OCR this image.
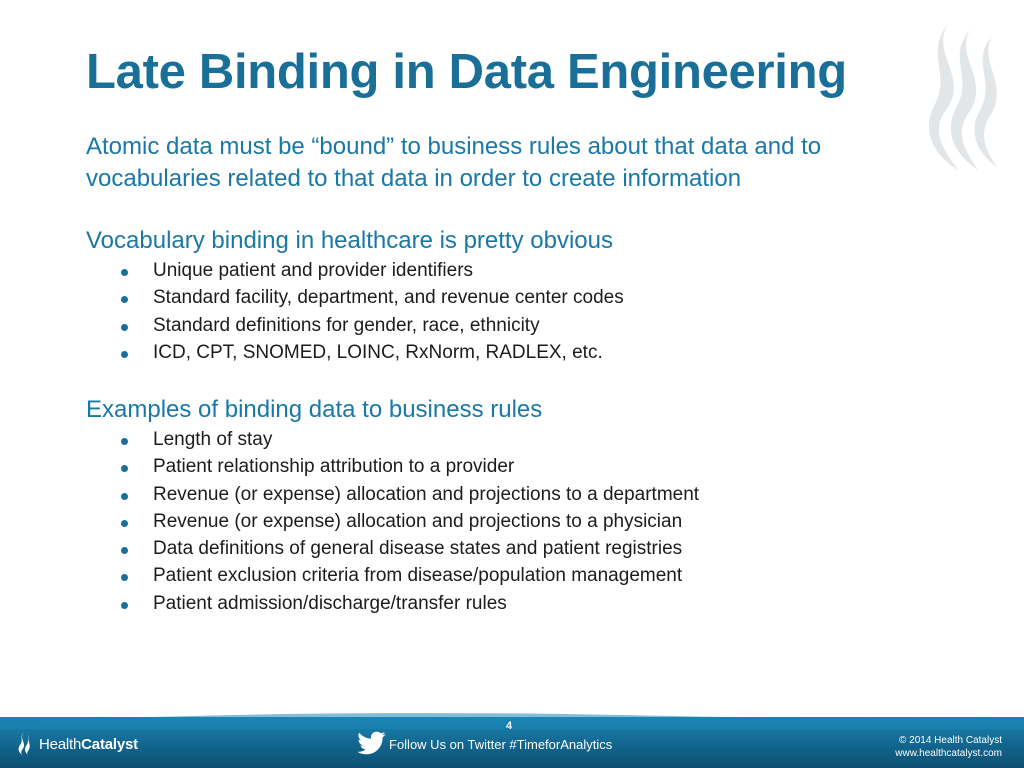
Late Binding in Data Engineering

Atomic data must be “bound” to business rules about that data and to vocabularies related to that data in order to create information

Vocabulary binding in healthcare is pretty obvious
Unique patient and provider identifiers
Standard facility, department, and revenue center codes
Standard definitions for gender, race, ethnicity
ICD, CPT, SNOMED, LOINC, RxNorm, RADLEX, etc.
Examples of binding data to business rules
Length of stay
Patient relationship attribution to a provider
Revenue (or expense) allocation and projections to a department
Revenue (or expense) allocation and projections to a physician
Data definitions of general disease states and patient registries
Patient exclusion criteria from disease/population management
Patient admission/discharge/transfer rules
HealthCatalyst
4
Follow Us on Twitter #TimeforAnalytics	© 2014 Health Catalyst
www.healthcatalyst.com
